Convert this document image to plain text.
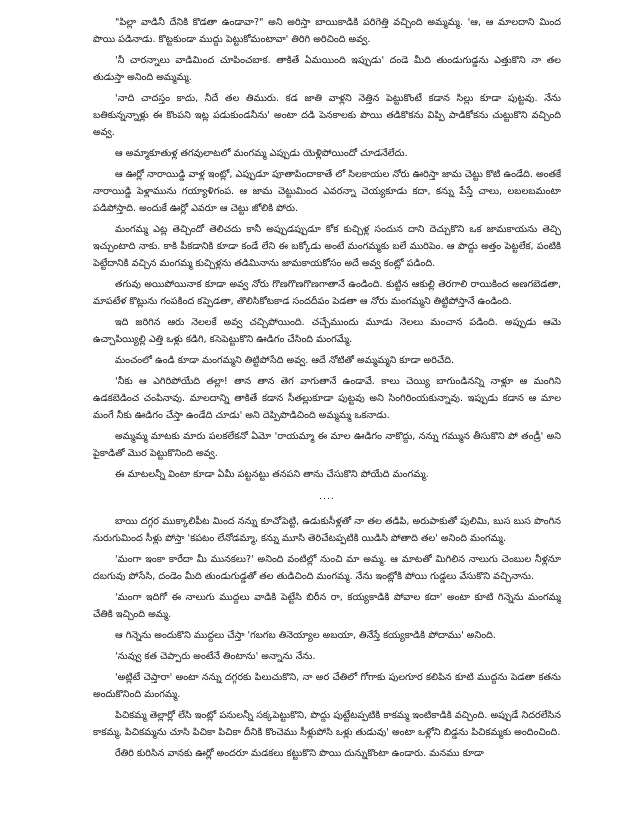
"పిల్లా వాడినీ దేనికి కొడతా ఉండావా?" అని అరిస్తా బాయికాడికి పరిగెత్తి వచ్చింది అమ్మమ్మ. 'ఆ, ఆ మాలదాని మింద పొయి పడినాడు. కొట్టకుండా ముద్దు పెట్టుకోమంటావా' తిరిగి అరిచింది అవ్వ.

'నీ చారన్నాలు వాడిమింద చూపించబాక. తాకితే ఏమయింది ఇప్పుడు' దండె మీది తుండుగుడ్డను ఎత్తుకొని నా తల తుడుస్తా అనింది అమ్మమ్మ.

'నాది చాదస్తం కాదు, నీదే తల తిమురు. కడ జాతి వాళ్లని నెత్తిన పెట్టుకొంటే కడాన సిల్లు కూడా పుట్టవు. నేను బతికున్నన్నాళ్లు ఈ కొంపని ఇట్ల పడుకుండనీను' అంటా దడి పెనకాలకు పొయి తడికొకను విప్పి పాడికోకను చుట్టుకొని వచ్చింది అవ్వ.

ఆ అమ్మాకూతుళ్ల తగవులాటలో మంగమ్మ ఎప్పుడు యెళ్లిపోయిందో చూడనేలేదు.

ఆ ఊర్లో నారాయిడ్డి వాళ్ల ఇంట్లో, ఎప్పుడూ పూతాపిందాకాతే లో సిలకాయల నోరు ఊరిస్తా జామ చెట్టు కొటి ఉండేది. అంతకే నారాయిడ్డి పెళ్లామును గయ్యాళిగంప. ఆ జామ చెట్టుమింద ఎవరన్నా చెయ్యకూడు కదా, కన్ను పేస్తే చాలు, లబలబమంటా పడిపోస్తాది. అందుకే ఊర్లో ఎవరూ ఆ చెట్టు జోలికి పోరు.

మంగమ్మ ఎట్ల తెచ్చిందో తెలిచదు కానీ అప్పుడప్పుడూ కోక కుచ్చిళ్ల సందున దాని దెచ్చుకొని ఒక జామకాయను తెచ్చి ఇచ్చుంటాది నాకు. కాకి పీకడానికి కూడా కండే లేని ఈ బక్కోడు అంటే మంగమ్మకు బలే మురిపెం. ఆ పొద్దు అత్తం పెట్టలేక, పంటికి పెట్టేదానికి వచ్చిన మంగమ్మ కుచ్చిళ్లను తడిమినాను జామకాయకోసం అదే అవ్వ కంట్లో పడింది.

తగువు అయిపోయినాక కూడా అవ్వ నోరు గొణగొణగొణగాతానే ఉండింది. కుట్టిన ఆకుల్లి తెరగాలి రాయికింద అణగబెడతా, మాపటేళ కొట్లును గంపకింద కప్పెడతా, తొలిసికోటకాడ సందదీపం పెడతా ఆ నోరు మంగమ్మని తిట్టిపోస్తానే ఉండింది.

ఇది జరిగిన ఆరు నెలలకే అవ్వ చచ్చిపోయింది. చచ్చేముందు మూడు నెలలు మంచాన పడింది. అప్పుడు ఆమె ఉచ్చాపియ్యిల్లి ఎత్తి ఒళ్లు కడిగి, కసెపెట్టుకొని ఊడిగం చేసింది మంగమ్మే.

మంచంలో ఉండి కూడా మంగమ్మని తిట్టిపోసేది అవ్వ. ఆదే నోటితో అమ్మమ్మని కూడా అరిచేది.

'నీకు ఆ ఎగిరిపోయేది తల్లా! తాన తాన తెగ వాగుతానే ఉండావే. కాలు చెయ్యి బాగుండినన్ని నాళ్లూ ఆ మంగిని ఉడకబెడించ చంపినావు. మాలదాన్ని తాకితే కడాన సీతల్లుకూడా పుట్టవు అని సింగిరింయకున్నావు. ఇప్పుడు కడాన ఆ మాల మంగే నీకు ఊడిగం చేస్తా ఉండేది చూడు' అని దెప్పిపొడిచింది అమ్మమ్మ ఒకనాడు.

అమ్మమ్మ మాటకు మారు పలకలేకనో ఏమో 'రాయమ్మా ఈ మాల ఊడిగం నాకొద్దు, నన్ను గమ్మున తీసుకొని పో తండ్రీ' అని పైకాడితో మొర పెట్టుకొనింది అవ్వ.

ఈ మాటలన్నీ వింటా కూడా ఏమీ పట్టనట్టు తనపని తాను చేసుకొని పోయేది మంగమ్మ.

....

బాయి దగ్గర ముక్కాలిపీట మింద నన్ను కూచోపెట్టి, ఉడుకుసీళ్లతో నా తల తడిపి, అరుపాకుతో పులిమి, బుస బుస పొంగిన నురుగుమింద సీళ్లు పోస్తా 'కపటం లేనోడమ్మా, కన్ను మూసి తెరిచేటప్పటికి యిడిసి పోతాది తల' అనింది మంగమ్మ.

'మంగా ఇంకా కారేదా మీ మునకలు?' అనింది వంటిల్లో నుంచి మా అమ్మ. ఆ మాటతో మిగిలిన నాలుగు చెంబుల నీళ్లనూ దబగువు పోసేసి, దండెం మీది తుండుగుడ్డతో తల తుడిచింది మంగమ్మ. నేను ఇంట్లోకి పోయి గుడ్డలు వేసుకొని వచ్చినాను.

'మంగా ఇదిగో ఈ నాలుగు ముద్దలు వాడికి పెట్టేసి బిరీన రా, కయ్యకాడికి పోవాల కదా' అంటా కూటి గిన్నెను మంగమ్మ చేతికి ఇచ్చింది అమ్మ.

ఆ గిన్నెను అందుకొని ముద్దలు చేస్తా 'గబగబ తినెయ్యాల అబయా, తినేస్తే కయ్యకాడికి పోదాము' అనింది.

'నువ్వు కత చెప్పారు అంటేనే తింటాను' అన్నాను నేను.

'అట్లిటే చెప్తారా' అంటా నన్ను దగ్గరకు పిలుచుకొని, నా అర చేతిలో గోగాకు పులగూర కలిపిన కూటి ముద్దను పెడతా కతను అందుకొనింది మంగమ్మ.

పిచికమ్మ తెల్లార్లో లేసి ఇంట్లో పనులన్నీ సక్కపెట్టుకొని, పొద్దు పుట్టేటప్పటికి కాకమ్మ ఇంటికాడికి వచ్చింది. అప్పుడే నిదరలేసిన కాకమ్మ, పిచికమ్మను చూసి పిచికా పిచికా దీనికి కొంచెము సీళ్లుపోసి ఒళ్లు తుడువు' అంటా ఒళ్లోని బిడ్డను పిచికమ్మకు అందించింది.

రేతిరి కురిసిన వానకు ఊర్లో అందరూ మడకలు కట్టుకొని పొయి దున్నుకొంటా ఉండారు. మనము కూడా
